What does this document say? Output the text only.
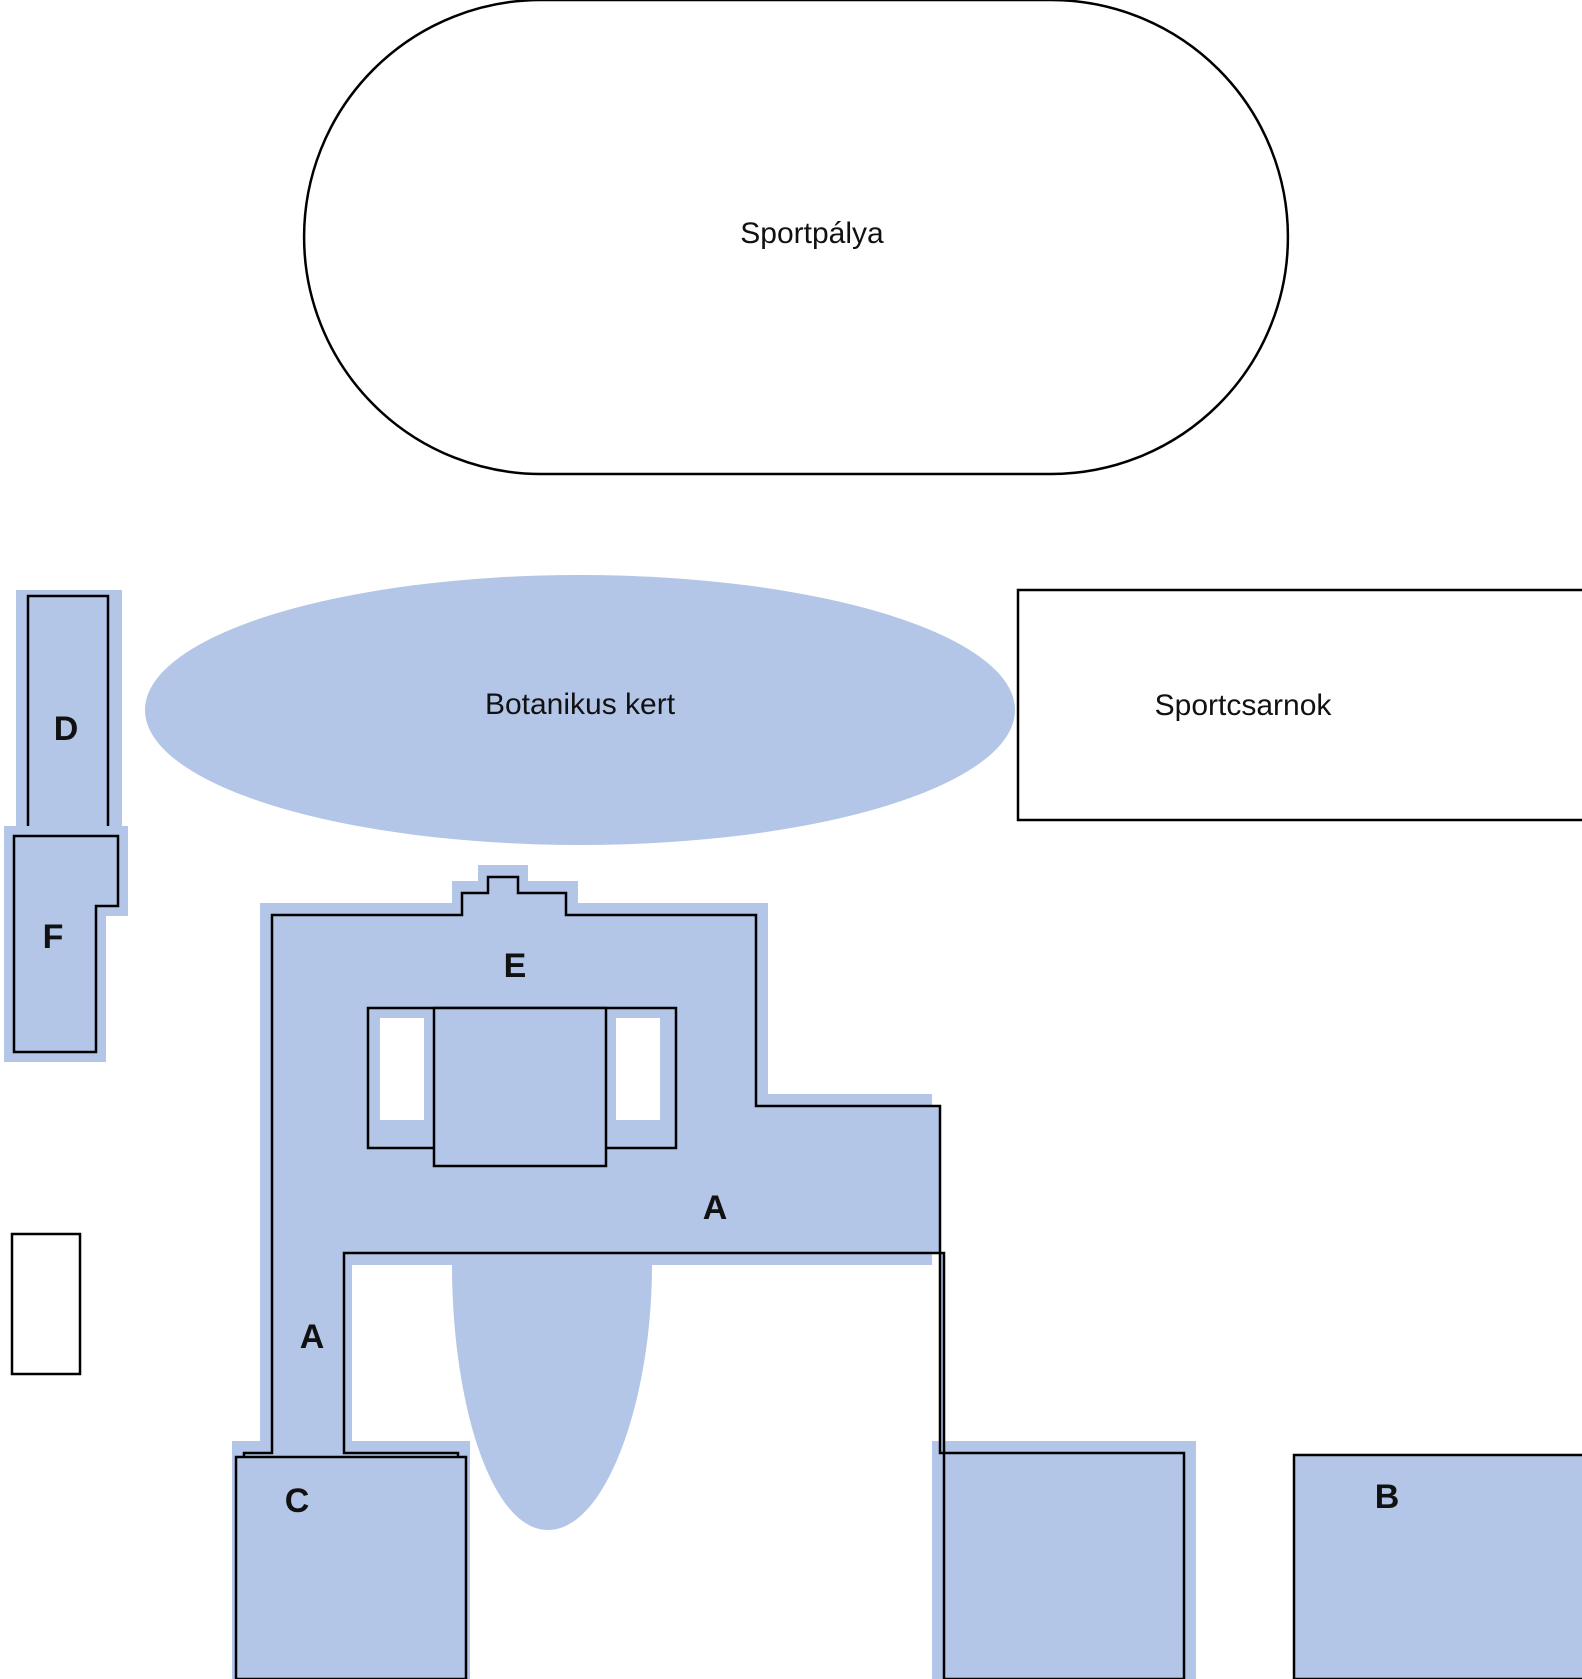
Sportpálya
Botanikus kert	Sportcsarnok
D
F
E
A
A
C	B
